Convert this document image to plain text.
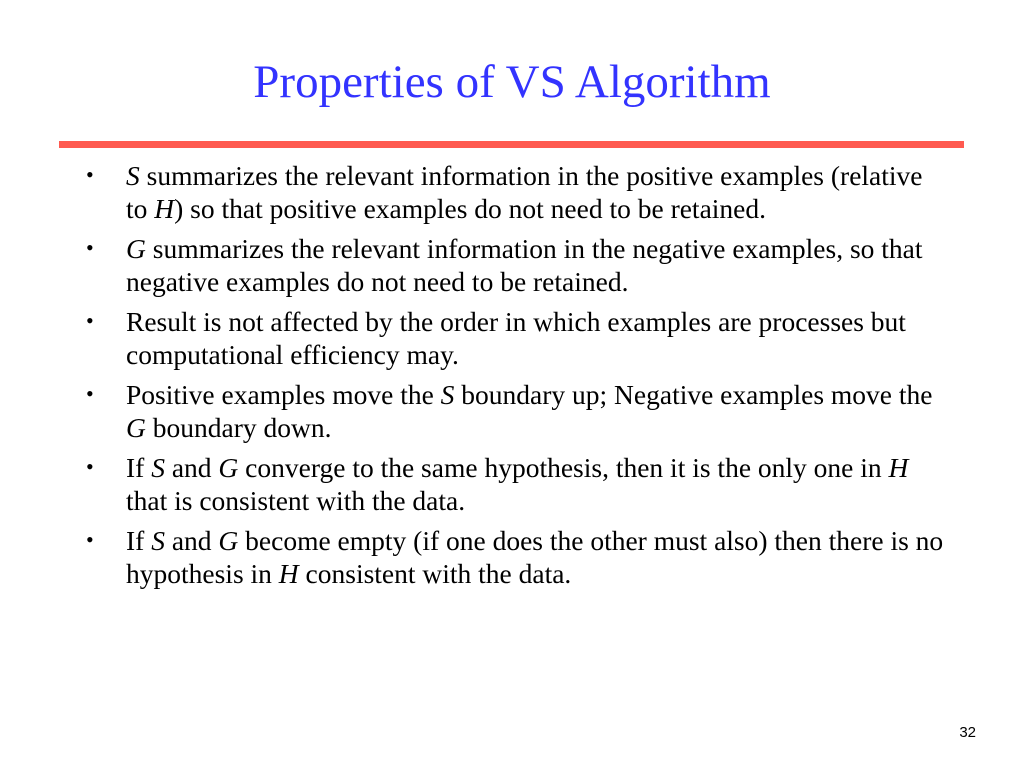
Properties of VS Algorithm
• S summarizes the relevant information in the positive examples (relative to H) so that positive examples do not need to be retained.
• G summarizes the relevant information in the negative examples, so that negative examples do not need to be retained.
• Result is not affected by the order in which examples are processes but computational efficiency may.
• Positive examples move the S boundary up; Negative examples move the G boundary down.
• If S and G converge to the same hypothesis, then it is the only one in H that is consistent with the data.
• If S and G become empty (if one does the other must also) then there is no hypothesis in H consistent with the data.
32
